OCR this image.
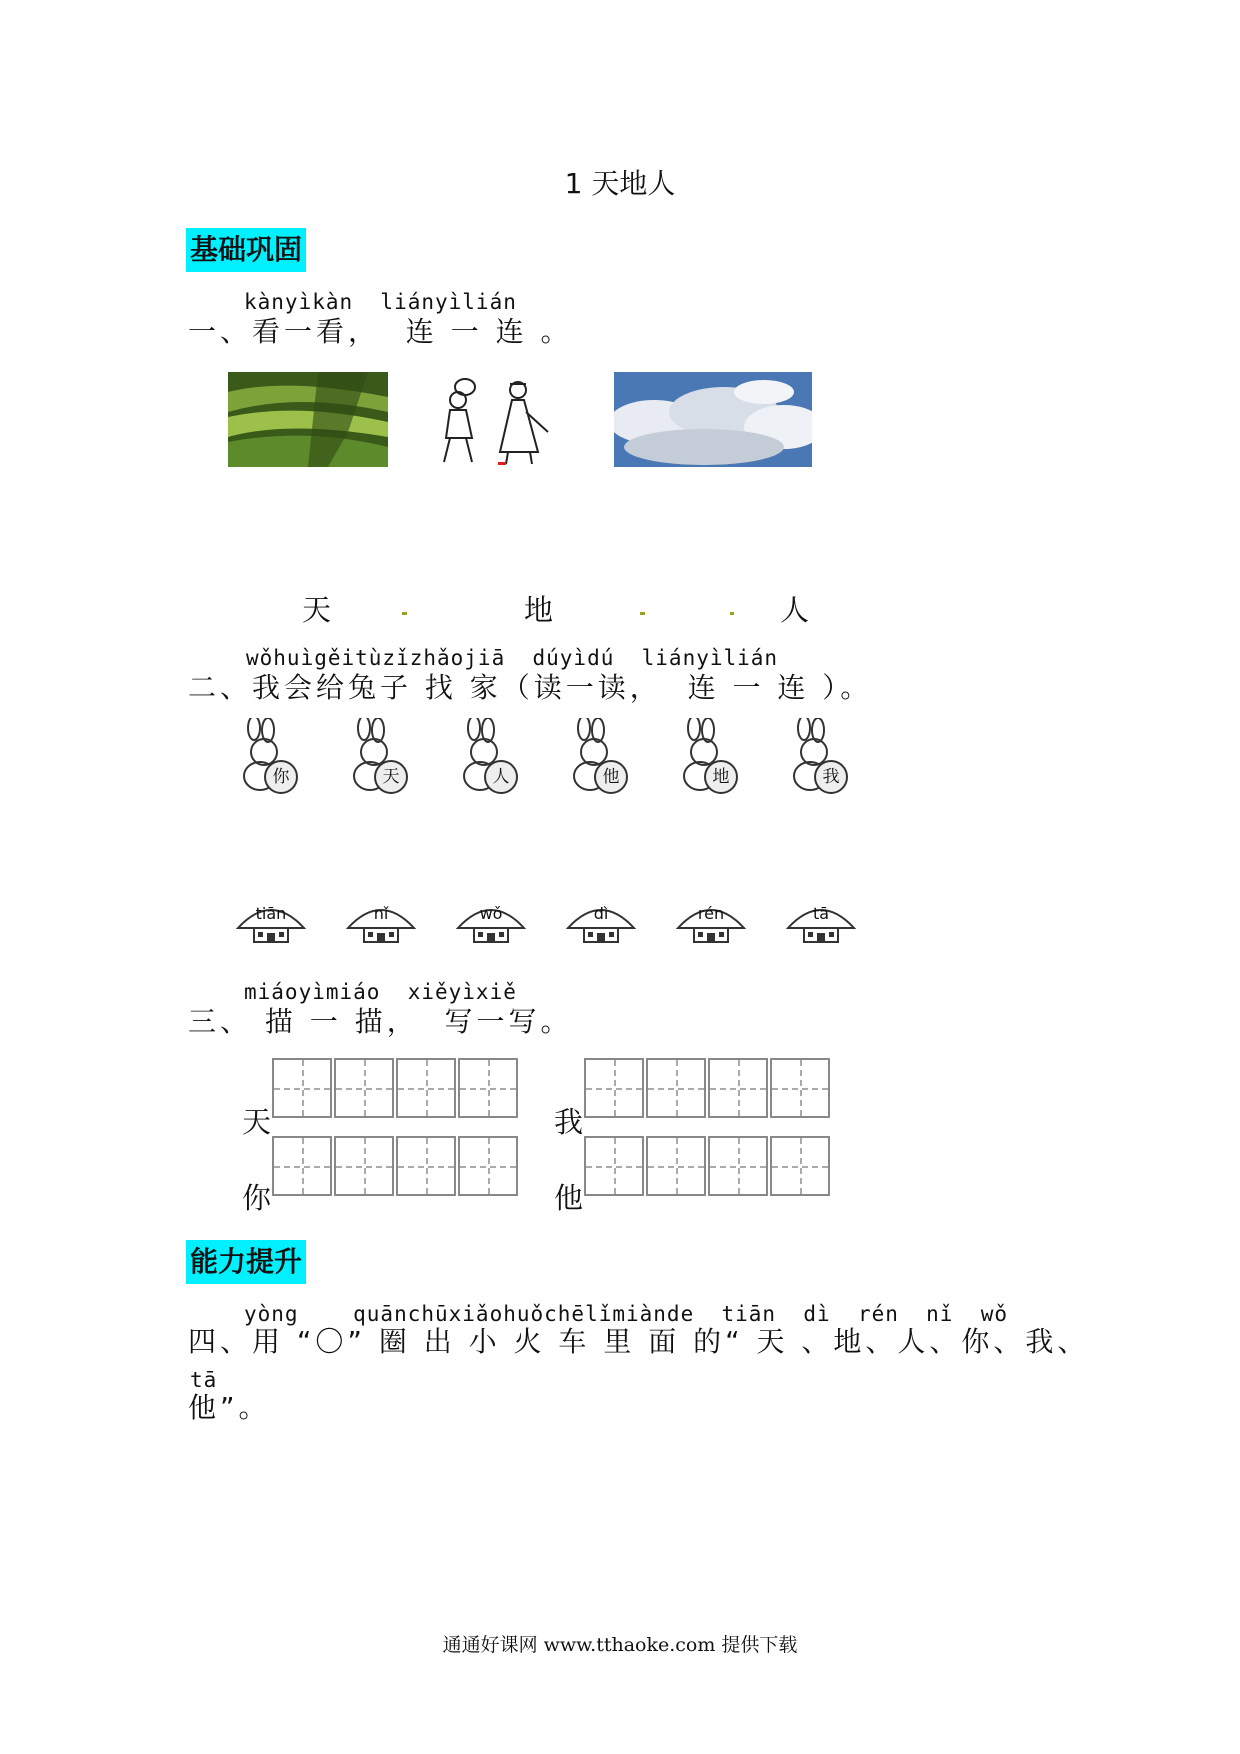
1 天地人
基础巩固
kànyìkàn  liányìlián
一、看一看，  连 一 连 。
天	地	人
wǒhuìgěitùzǐzhǎojiā  dúyìdú  liányìlián
二、我会给兔子 找 家（读一读，  连 一 连 ）。
你	天	人	他	地	我
tiān	nǐ	wǒ	dì	rén	tā
miáoyìmiáo  xiěyìxiě
三、 描 一 描，  写一写。
天	我
你	他
能力提升
yòng    quānchūxiǎohuǒchēlǐmiànde  tiān  dì  rén  nǐ  wǒ
四、用 “〇” 圈 出 小 火 车 里 面 的“ 天 、地、人、你、我、
tā
他”。
通通好课网 www.tthaoke.com 提供下载
